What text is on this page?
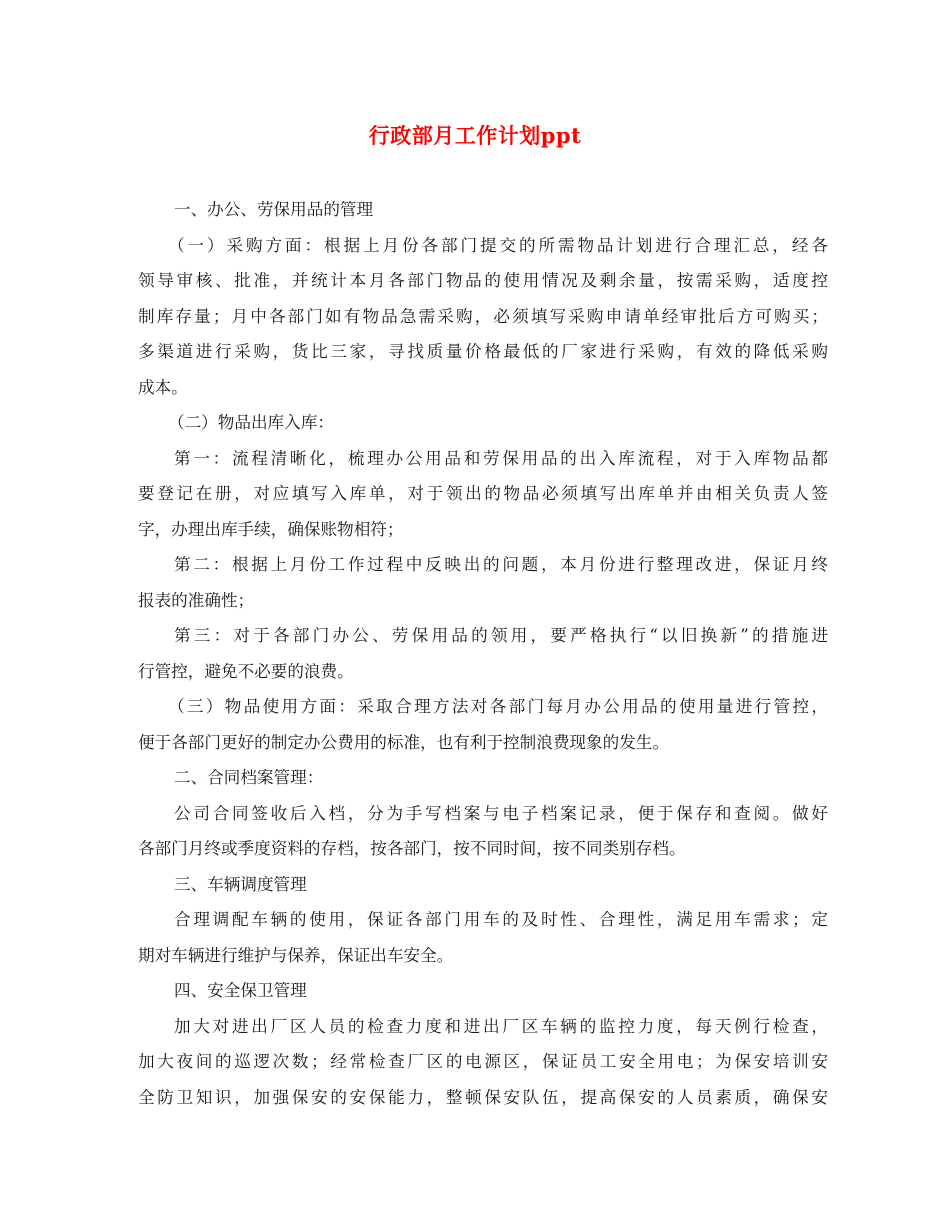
行政部月工作计划ppt
一、办公、劳保用品的管理
（一）采购方面：根据上月份各部门提交的所需物品计划进行合理汇总，经各
领导审核、批准，并统计本月各部门物品的使用情况及剩余量，按需采购，适度控
制库存量；月中各部门如有物品急需采购，必须填写采购申请单经审批后方可购买；
多渠道进行采购，货比三家，寻找质量价格最低的厂家进行采购，有效的降低采购
成本。
（二）物品出库入库：
第一：流程清晰化，梳理办公用品和劳保用品的出入库流程，对于入库物品都
要登记在册，对应填写入库单，对于领出的物品必须填写出库单并由相关负责人签
字，办理出库手续，确保账物相符；
第二：根据上月份工作过程中反映出的问题，本月份进行整理改进，保证月终
报表的准确性；
第三：对于各部门办公、劳保用品的领用，要严格执行“以旧换新”的措施进
行管控，避免不必要的浪费。
（三）物品使用方面：采取合理方法对各部门每月办公用品的使用量进行管控，
便于各部门更好的制定办公费用的标准，也有利于控制浪费现象的发生。
二、合同档案管理：
公司合同签收后入档，分为手写档案与电子档案记录，便于保存和查阅。做好
各部门月终或季度资料的存档，按各部门，按不同时间，按不同类别存档。
三、车辆调度管理
合理调配车辆的使用，保证各部门用车的及时性、合理性，满足用车需求；定
期对车辆进行维护与保养，保证出车安全。
四、安全保卫管理
加大对进出厂区人员的检查力度和进出厂区车辆的监控力度，每天例行检查，
加大夜间的巡逻次数；经常检查厂区的电源区，保证员工安全用电；为保安培训安
全防卫知识，加强保安的安保能力，整顿保安队伍，提高保安的人员素质，确保安
